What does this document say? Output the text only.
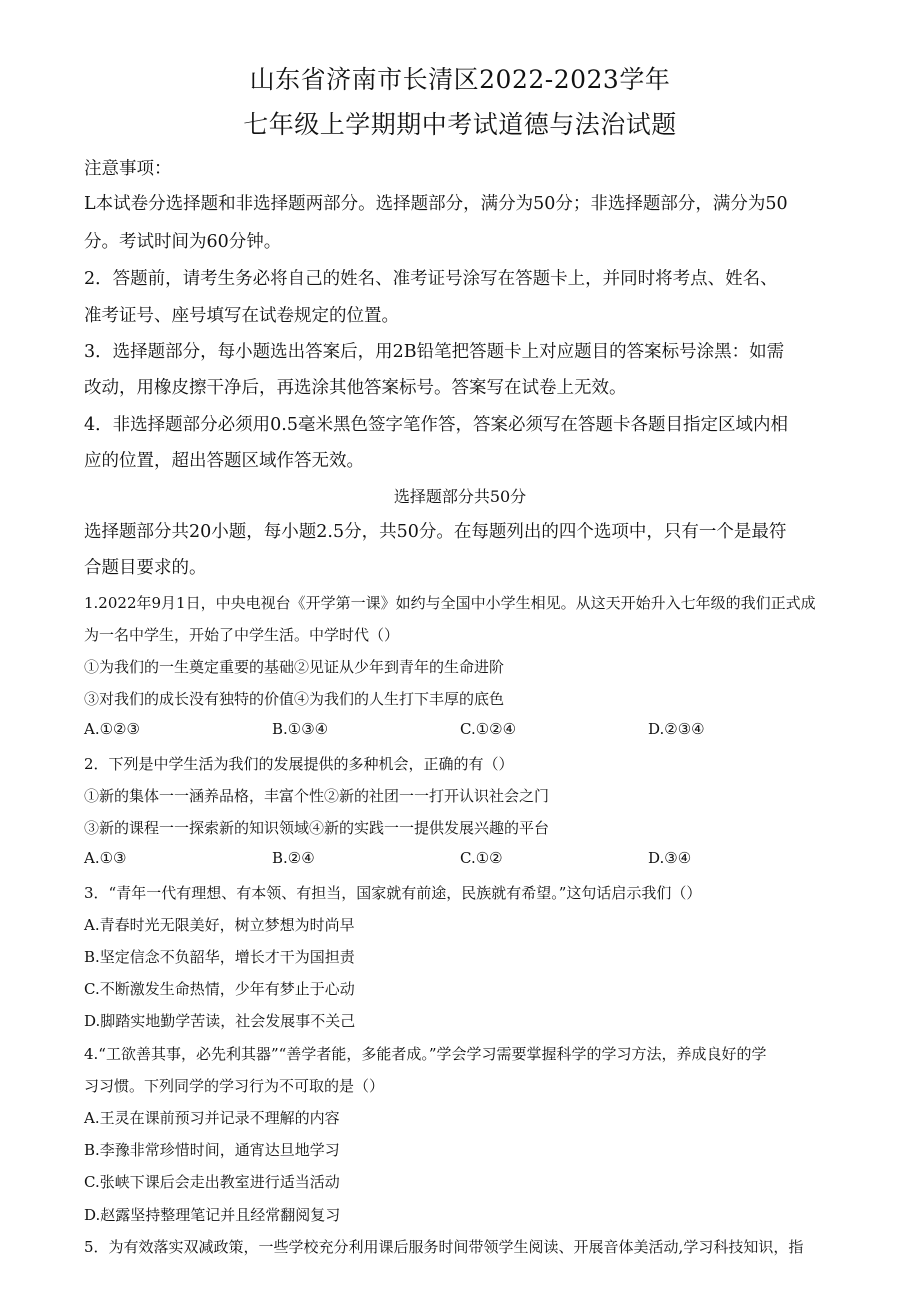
山东省济南市长清区2022-2023学年
七年级上学期期中考试道德与法治试题
注意事项：
L本试卷分选择题和非选择题两部分。选择题部分，满分为50分；非选择题部分，满分为50
分。考试时间为60分钟。
2．答题前，请考生务必将自己的姓名、准考证号涂写在答题卡上，并同时将考点、姓名、
准考证号、座号填写在试卷规定的位置。
3．选择题部分，每小题选出答案后，用2B铅笔把答题卡上对应题目的答案标号涂黑：如需
改动，用橡皮擦干净后，再选涂其他答案标号。答案写在试卷上无效。
4．非选择题部分必须用0.5毫米黑色签字笔作答，答案必须写在答题卡各题目指定区域内相
应的位置，超出答题区域作答无效。
选择题部分共50分
选择题部分共20小题，每小题2.5分，共50分。在每题列出的四个选项中，只有一个是最符
合题目要求的。
1.2022年9月1日，中央电视台《开学第一课》如约与全国中小学生相见。从这天开始升入七年级的我们正式成
为一名中学生，开始了中学生活。中学时代（）
①为我们的一生奠定重要的基础②见证从少年到青年的生命进阶
③对我们的成长没有独特的价值④为我们的人生打下丰厚的底色
A.①②③	B.①③④	C.①②④	D.②③④
2．下列是中学生活为我们的发展提供的多种机会，正确的有（）
①新的集体一一涵养品格，丰富个性②新的社团一一打开认识社会之门
③新的课程一一探索新的知识领域④新的实践一一提供发展兴趣的平台
A.①③	B.②④	C.①②	D.③④
3．“青年一代有理想、有本领、有担当，国家就有前途，民族就有希望。”这句话启示我们（）
A.青春时光无限美好，树立梦想为时尚早
B.坚定信念不负韶华，增长才干为国担责
C.不断激发生命热情，少年有梦止于心动
D.脚踏实地勤学苦读，社会发展事不关己
4.“工欲善其事，必先利其器”“善学者能，多能者成。”学会学习需要掌握科学的学习方法，养成良好的学
习习惯。下列同学的学习行为不可取的是（）
A.王灵在课前预习并记录不理解的内容
B.李豫非常珍惜时间，通宵达旦地学习
C.张峡下课后会走出教室进行适当活动
D.赵露坚持整理笔记并且经常翻阅复习
5．为有效落实双减政策，一些学校充分利用课后服务时间带领学生阅读、开展音体美活动,学习科技知识，指
